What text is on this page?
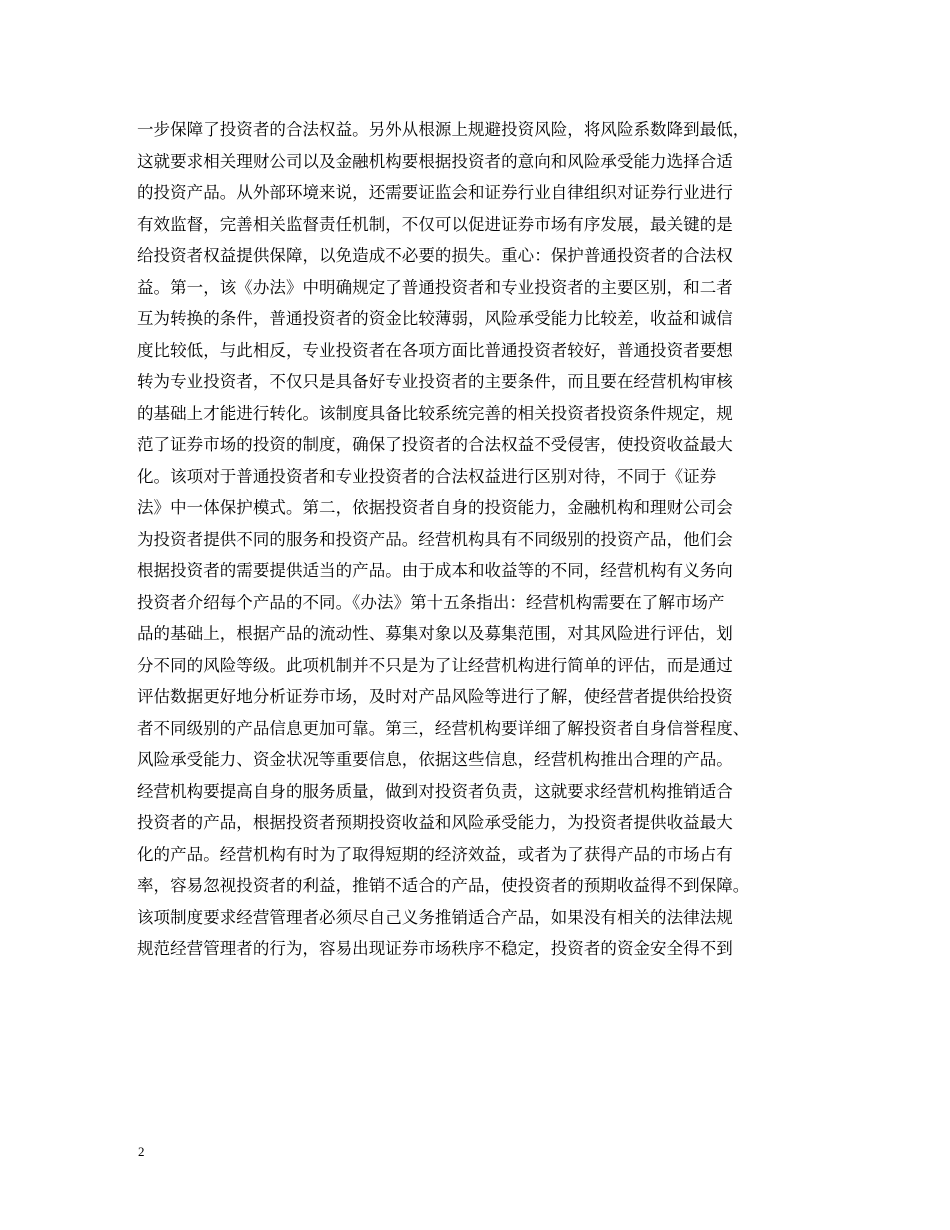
一步保障了投资者的合法权益。另外从根源上规避投资风险，将风险系数降到最低，
这就要求相关理财公司以及金融机构要根据投资者的意向和风险承受能力选择合适
的投资产品。从外部环境来说，还需要证监会和证券行业自律组织对证券行业进行
有效监督，完善相关监督责任机制，不仅可以促进证券市场有序发展，最关键的是
给投资者权益提供保障，以免造成不必要的损失。重心：保护普通投资者的合法权
益。第一，该《办法》中明确规定了普通投资者和专业投资者的主要区别，和二者
互为转换的条件，普通投资者的资金比较薄弱，风险承受能力比较差，收益和诚信
度比较低，与此相反，专业投资者在各项方面比普通投资者较好，普通投资者要想
转为专业投资者，不仅只是具备好专业投资者的主要条件，而且要在经营机构审核
的基础上才能进行转化。该制度具备比较系统完善的相关投资者投资条件规定，规
范了证券市场的投资的制度，确保了投资者的合法权益不受侵害，使投资收益最大
化。该项对于普通投资者和专业投资者的合法权益进行区别对待，不同于《证券
法》中一体保护模式。第二，依据投资者自身的投资能力，金融机构和理财公司会
为投资者提供不同的服务和投资产品。经营机构具有不同级别的投资产品，他们会
根据投资者的需要提供适当的产品。由于成本和收益等的不同，经营机构有义务向
投资者介绍每个产品的不同。《办法》第十五条指出：经营机构需要在了解市场产
品的基础上，根据产品的流动性、募集对象以及募集范围，对其风险进行评估，划
分不同的风险等级。此项机制并不只是为了让经营机构进行简单的评估，而是通过
评估数据更好地分析证券市场，及时对产品风险等进行了解，使经营者提供给投资
者不同级别的产品信息更加可靠。第三，经营机构要详细了解投资者自身信誉程度、
风险承受能力、资金状况等重要信息，依据这些信息，经营机构推出合理的产品。
经营机构要提高自身的服务质量，做到对投资者负责，这就要求经营机构推销适合
投资者的产品，根据投资者预期投资收益和风险承受能力，为投资者提供收益最大
化的产品。经营机构有时为了取得短期的经济效益，或者为了获得产品的市场占有
率，容易忽视投资者的利益，推销不适合的产品，使投资者的预期收益得不到保障。
该项制度要求经营管理者必须尽自己义务推销适合产品，如果没有相关的法律法规
规范经营管理者的行为，容易出现证券市场秩序不稳定，投资者的资金安全得不到
2
